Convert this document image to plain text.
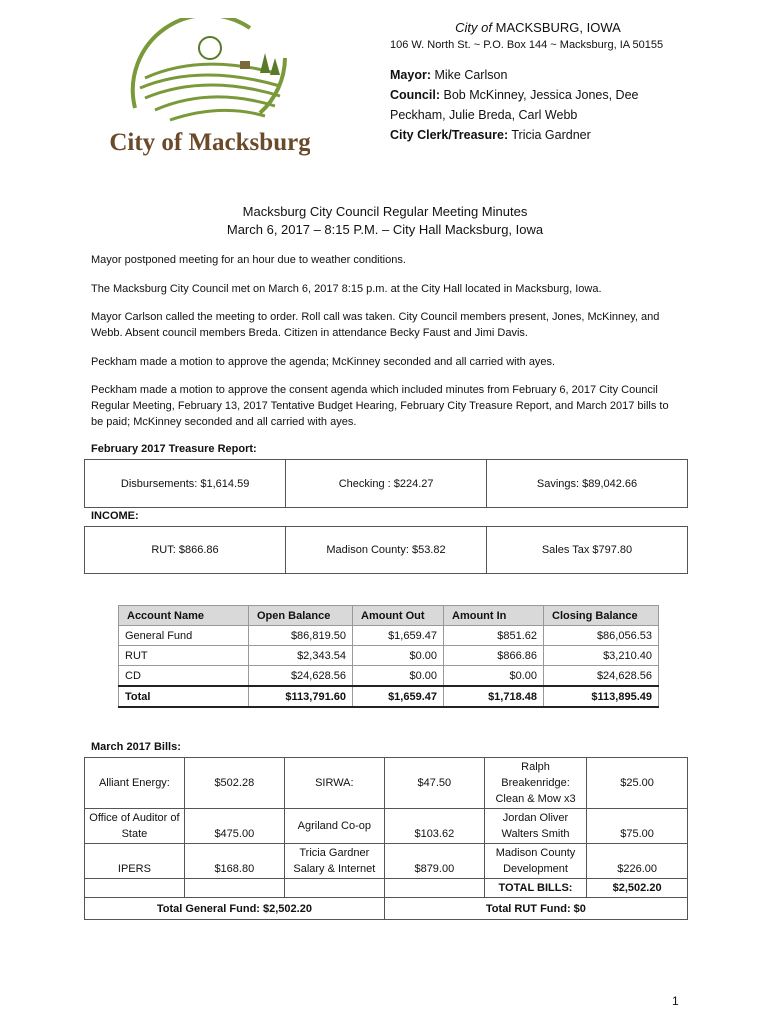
City of Macksburg
City of MACKSBURG, IOWA
106 W. North St. ~ P.O. Box 144 ~ Macksburg, IA 50155
Mayor: Mike Carlson
Council: Bob McKinney, Jessica Jones, Dee
Peckham, Julie Breda, Carl Webb
City Clerk/Treasure: Tricia Gardner
Macksburg City Council Regular Meeting Minutes
March 6, 2017 – 8:15 P.M. – City Hall Macksburg, Iowa

Mayor postponed meeting for an hour due to weather conditions.

The Macksburg City Council met on March 6, 2017 8:15 p.m. at the City Hall located in Macksburg, Iowa.

Mayor Carlson called the meeting to order. Roll call was taken. City Council members present, Jones, McKinney, and Webb. Absent council members Breda. Citizen in attendance Becky Faust and Jimi Davis.

Peckham made a motion to approve the agenda; McKinney seconded and all carried with ayes.

Peckham made a motion to approve the consent agenda which included minutes from February 6, 2017 City Council Regular Meeting, February 13, 2017 Tentative Budget Hearing, February City Treasure Report, and March 2017 bills to be paid; McKinney seconded and all carried with ayes.

February 2017 Treasure Report:
Disbursements: $1,614.59	Checking : $224.27	Savings: $89,042.66
INCOME:
RUT: $866.86	Madison County: $53.82	Sales Tax $797.80
Account Name	Open Balance	Amount Out	Amount In	Closing Balance
General Fund	$86,819.50	$1,659.47	$851.62	$86,056.53
RUT	$2,343.54	$0.00	$866.86	$3,210.40
CD	$24,628.56	$0.00	$0.00	$24,628.56
Total	$113,791.60	$1,659.47	$1,718.48	$113,895.49
March 2017 Bills:
Alliant Energy:	$502.28	SIRWA:	$47.50	Ralph Breakenridge: Clean & Mow x3	$25.00
Office of Auditor of State	$475.00	Agriland Co-op	$103.62	Jordan Oliver Walters Smith	$75.00
IPERS	$168.80	Tricia Gardner Salary & Internet	$879.00	Madison County Development	$226.00
				TOTAL BILLS:	$2,502.20
Total General Fund: $2,502.20			Total RUT Fund: $0		
1
